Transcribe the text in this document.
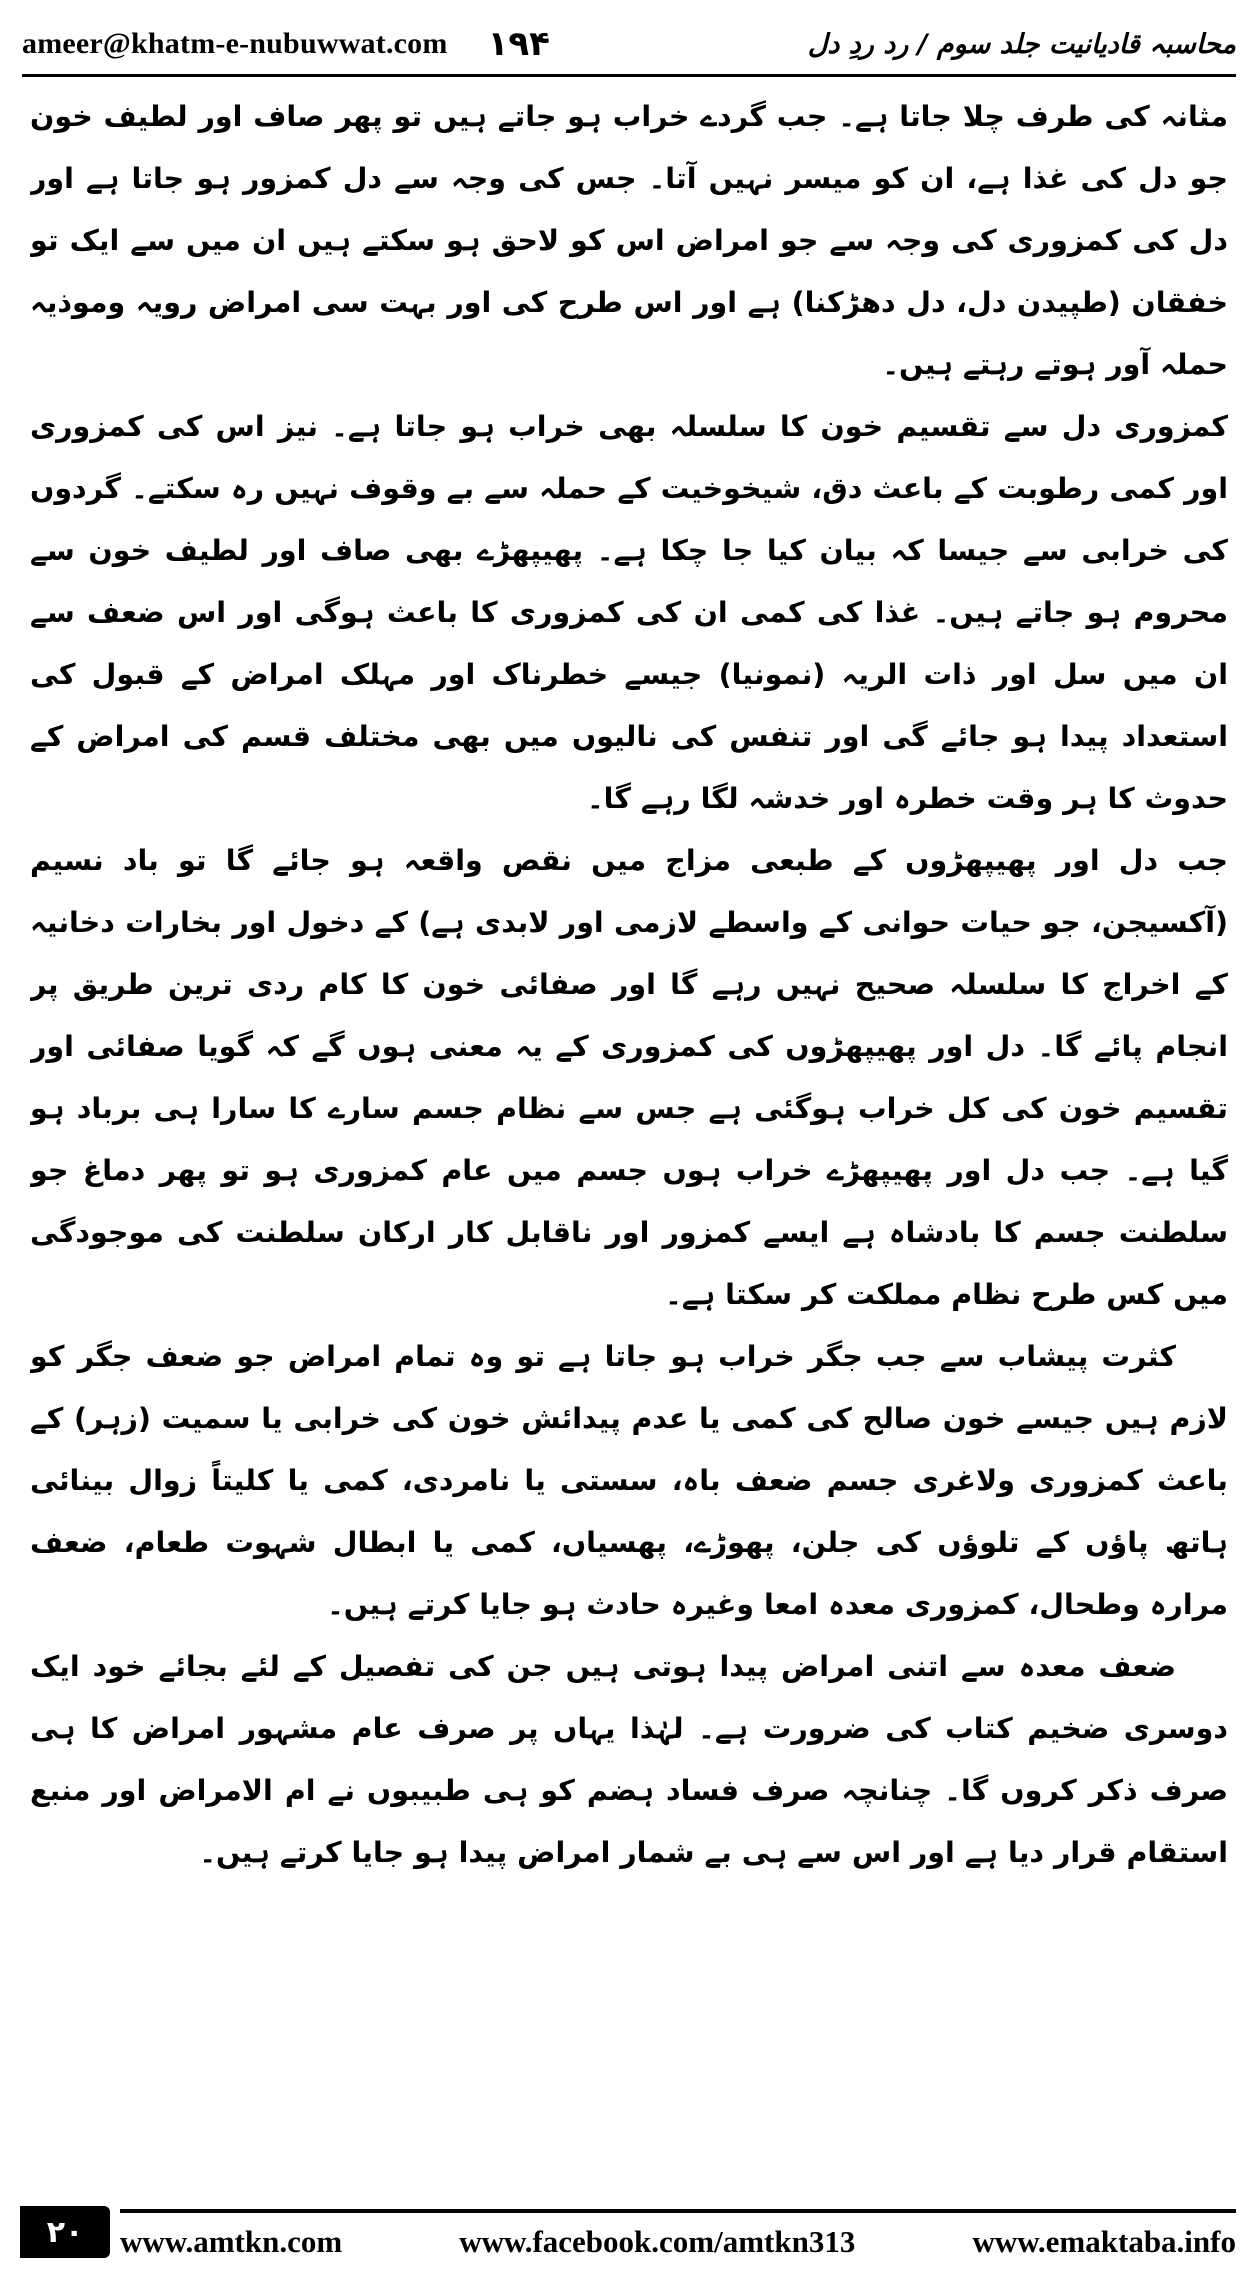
ameer@khatm-e-nubuwwat.com ۱۹۴	محاسبہ قادیانیت جلد سوم / رد ردِ دل

مثانہ کی طرف چلا جاتا ہے۔ جب گردے خراب ہو جاتے ہیں تو پھر صاف اور لطیف خون جو دل کی غذا ہے، ان کو میسر نہیں آتا۔ جس کی وجہ سے دل کمزور ہو جاتا ہے اور دل کی کمزوری کی وجہ سے جو امراض اس کو لاحق ہو سکتے ہیں ان میں سے ایک تو خفقان (طپیدن دل، دل دھڑکنا) ہے اور اس طرح کی اور بہت سی امراض رویہ وموذیہ حملہ آور ہوتے رہتے ہیں۔

کمزوری دل سے تقسیم خون کا سلسلہ بھی خراب ہو جاتا ہے۔ نیز اس کی کمزوری اور کمی رطوبت کے باعث دق، شیخوخیت کے حملہ سے بے وقوف نہیں رہ سکتے۔ گردوں کی خرابی سے جیسا کہ بیان کیا جا چکا ہے۔ پھیپھڑے بھی صاف اور لطیف خون سے محروم ہو جاتے ہیں۔ غذا کی کمی ان کی کمزوری کا باعث ہوگی اور اس ضعف سے ان میں سل اور ذات الریہ (نمونیا) جیسے خطرناک اور مہلک امراض کے قبول کی استعداد پیدا ہو جائے گی اور تنفس کی نالیوں میں بھی مختلف قسم کی امراض کے حدوث کا ہر وقت خطرہ اور خدشہ لگا رہے گا۔

جب دل اور پھیپھڑوں کے طبعی مزاج میں نقص واقعہ ہو جائے گا تو باد نسیم (آکسیجن، جو حیات حوانی کے واسطے لازمی اور لابدی ہے) کے دخول اور بخارات دخانیہ کے اخراج کا سلسلہ صحیح نہیں رہے گا اور صفائی خون کا کام ردی ترین طریق پر انجام پائے گا۔ دل اور پھیپھڑوں کی کمزوری کے یہ معنی ہوں گے کہ گویا صفائی اور تقسیم خون کی کل خراب ہوگئی ہے جس سے نظام جسم سارے کا سارا ہی برباد ہو گیا ہے۔ جب دل اور پھیپھڑے خراب ہوں جسم میں عام کمزوری ہو تو پھر دماغ جو سلطنت جسم کا بادشاہ ہے ایسے کمزور اور ناقابل کار ارکان سلطنت کی موجودگی میں کس طرح نظام مملکت کر سکتا ہے۔

کثرت پیشاب سے جب جگر خراب ہو جاتا ہے تو وہ تمام امراض جو ضعف جگر کو لازم ہیں جیسے خون صالح کی کمی یا عدم پیدائش خون کی خرابی یا سمیت (زہر) کے باعث کمزوری ولاغری جسم ضعف باہ، سستی یا نامردی، کمی یا کلیتاً زوال بینائی ہاتھ پاؤں کے تلوؤں کی جلن، پھوڑے، پھسیاں، کمی یا ابطال شہوت طعام، ضعف مرارہ وطحال، کمزوری معدہ امعا وغیرہ حادث ہو جایا کرتے ہیں۔

ضعف معدہ سے اتنی امراض پیدا ہوتی ہیں جن کی تفصیل کے لئے بجائے خود ایک دوسری ضخیم کتاب کی ضرورت ہے۔ لہٰذا یہاں پر صرف عام مشہور امراض کا ہی صرف ذکر کروں گا۔ چنانچہ صرف فساد ہضم کو ہی طبیبوں نے ام الامراض اور منبع استقام قرار دیا ہے اور اس سے ہی بے شمار امراض پیدا ہو جایا کرتے ہیں۔

۲۰	www.amtkn.com	www.facebook.com/amtkn313	www.emaktaba.info
